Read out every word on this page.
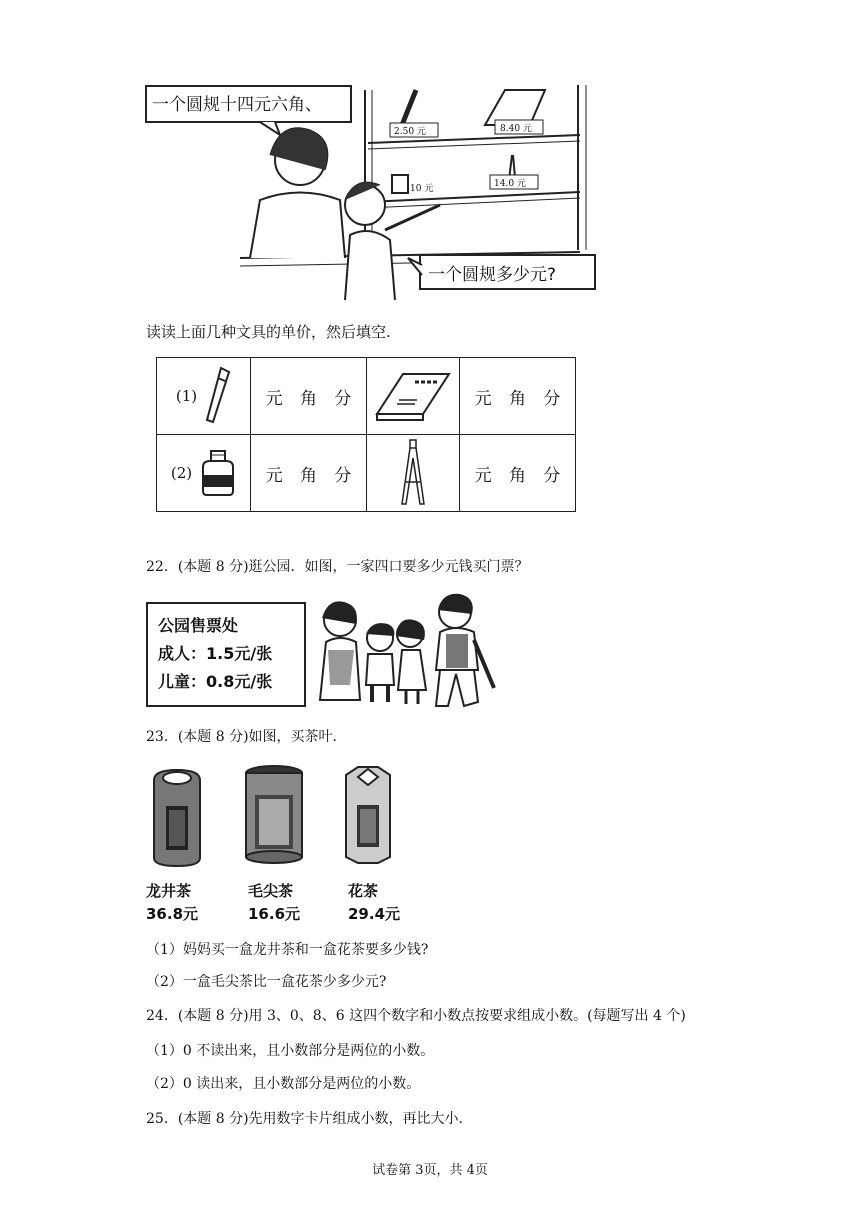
一个圆规十四元六角、
一个圆规多少元?
2.50 元	8.40 元
10 元	14.0 元
读读上面几种文具的单价，然后填空.
(1)	元 角 分		元 角 分

(2)	元 角 分		元 角 分
22．(本题 8 分)逛公园．如图，一家四口要多少元钱买门票？
公园售票处
成人：1.5元/张
儿童：0.8元/张
23．(本题 8 分)如图，买茶叶.
龙井茶
36.8元
毛尖茶
16.6元
花茶
29.4元
（1）妈妈买一盒龙井茶和一盒花茶要多少钱?
（2）一盒毛尖茶比一盒花茶少多少元?
24．(本题 8 分)用 3、0、8、6 这四个数字和小数点按要求组成小数。(每题写出 4 个)
（1）0 不读出来，且小数部分是两位的小数。
（2）0 读出来，且小数部分是两位的小数。
25．(本题 8 分)先用数字卡片组成小数，再比大小.
试卷第 3页，共 4页
